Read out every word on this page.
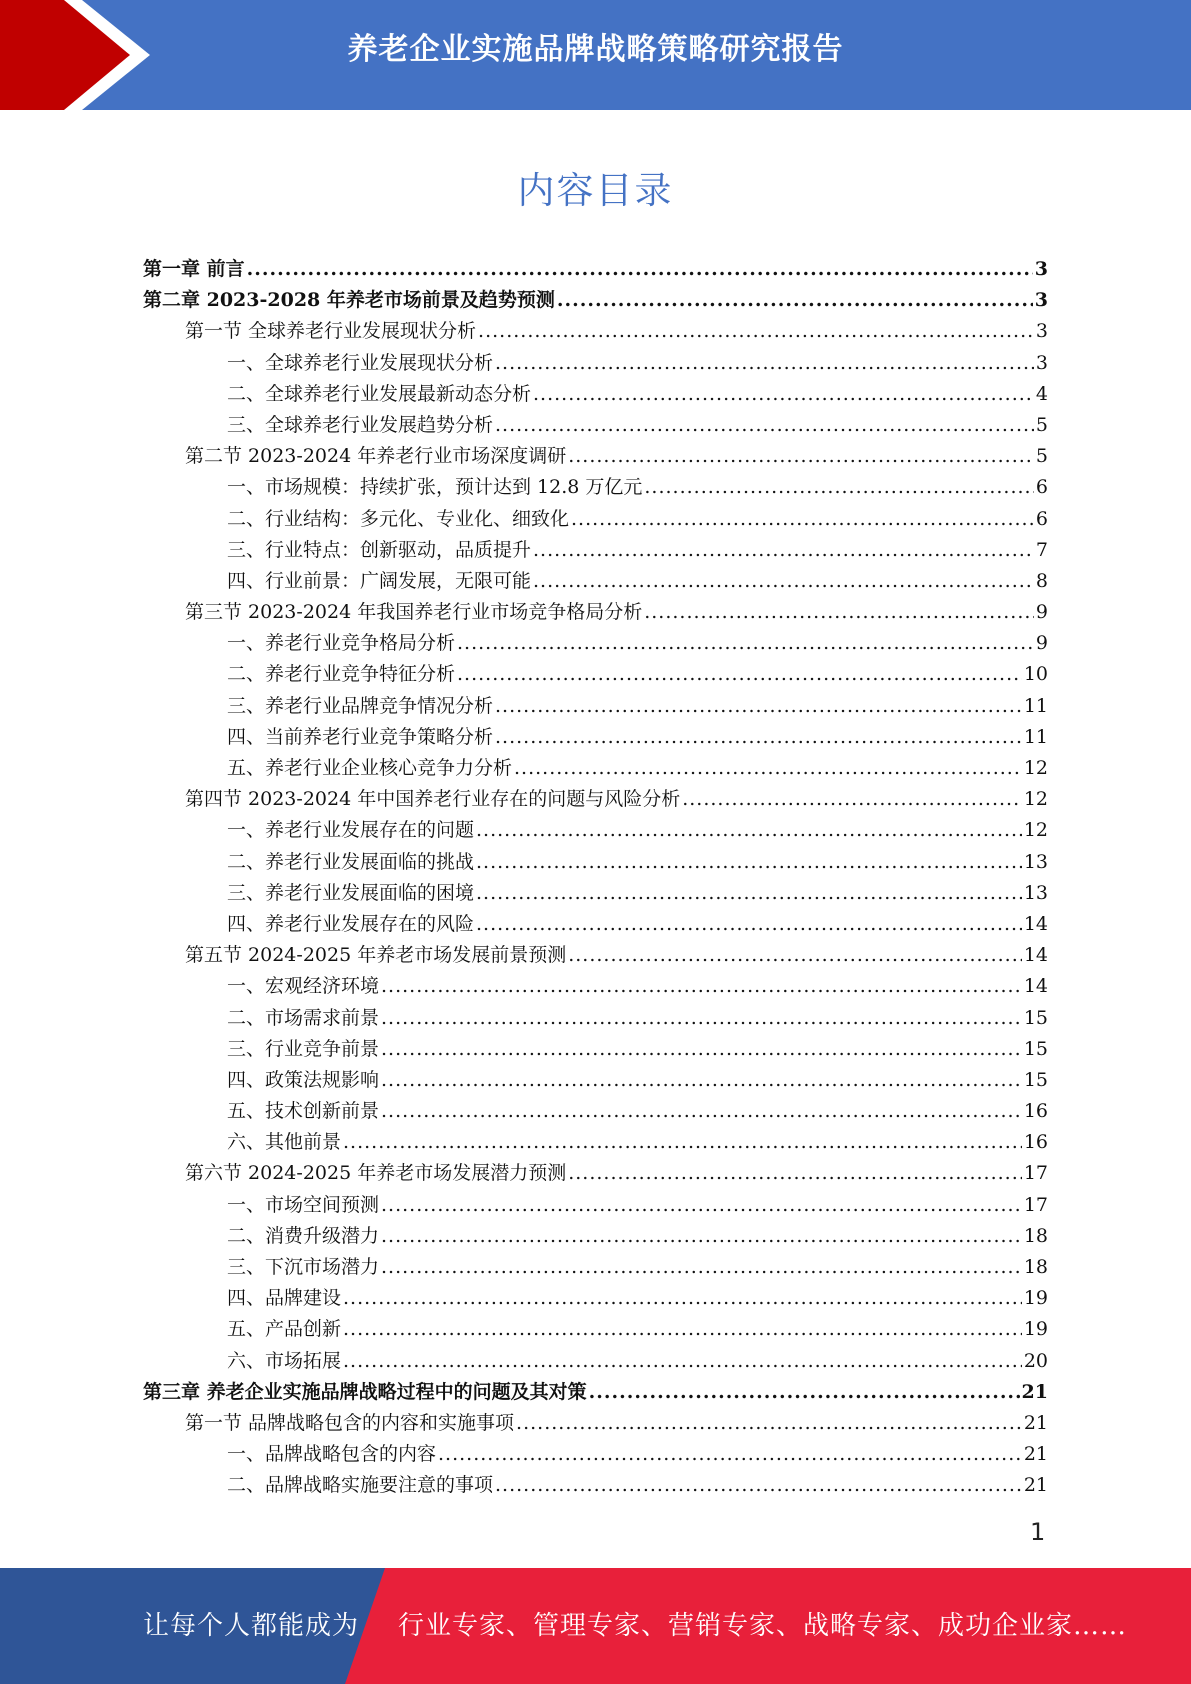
养老企业实施品牌战略策略研究报告
内容目录
第一章 前言 .....	3
第二章 2023-2028 年养老市场前景及趋势预测 .....	3
第一节 全球养老行业发展现状分析 .....	3
一、全球养老行业发展现状分析 .....	3
二、全球养老行业发展最新动态分析 .....	4
三、全球养老行业发展趋势分析 .....	5
第二节 2023-2024 年养老行业市场深度调研 .....	5
一、市场规模：持续扩张，预计达到 12.8 万亿元 .....	6
二、行业结构：多元化、专业化、细致化 .....	6
三、行业特点：创新驱动，品质提升 .....	7
四、行业前景：广阔发展，无限可能 .....	8
第三节 2023-2024 年我国养老行业市场竞争格局分析 .....	9
一、养老行业竞争格局分析 .....	9
二、养老行业竞争特征分析 .....	10
三、养老行业品牌竞争情况分析 .....	11
四、当前养老行业竞争策略分析 .....	11
五、养老行业企业核心竞争力分析 .....	12
第四节 2023-2024 年中国养老行业存在的问题与风险分析 .....	12
一、养老行业发展存在的问题 .....	12
二、养老行业发展面临的挑战 .....	13
三、养老行业发展面临的困境 .....	13
四、养老行业发展存在的风险 .....	14
第五节 2024-2025 年养老市场发展前景预测 .....	14
一、宏观经济环境 .....	14
二、市场需求前景 .....	15
三、行业竞争前景 .....	15
四、政策法规影响 .....	15
五、技术创新前景 .....	16
六、其他前景 .....	16
第六节 2024-2025 年养老市场发展潜力预测 .....	17
一、市场空间预测 .....	17
二、消费升级潜力 .....	18
三、下沉市场潜力 .....	18
四、品牌建设 .....	19
五、产品创新 .....	19
六、市场拓展 .....	20
第三章 养老企业实施品牌战略过程中的问题及其对策 .....	21
第一节 品牌战略包含的内容和实施事项 .....	21
一、品牌战略包含的内容 .....	21
二、品牌战略实施要注意的事项 .....	21
1
让每个人都能成为 行业专家、管理专家、营销专家、战略专家、成功企业家……
